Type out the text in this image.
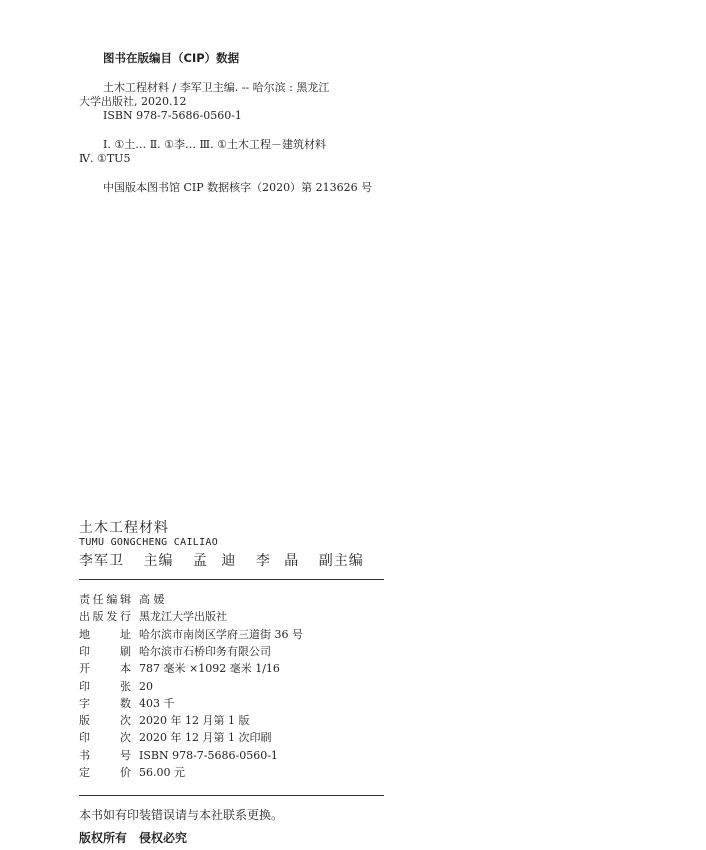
图书在版编目（CIP）数据
土木工程材料 / 李军卫主编. -- 哈尔滨 : 黑龙江
大学出版社, 2020.12
ISBN 978-7-5686-0560-1
Ⅰ. ①土… Ⅱ. ①李… Ⅲ. ①土木工程－建筑材料
Ⅳ. ①TU5
中国版本图书馆 CIP 数据核字（2020）第 213626 号
土木工程材料
TUMU GONGCHENG CAILIAO
李军卫 主编 孟 迪 李 晶 副主编
责任编辑 高 媛
出版发行 黑龙江大学出版社
地 址 哈尔滨市南岗区学府三道街 36 号
印 刷 哈尔滨市石桥印务有限公司
开 本 787 毫米 ×1092 毫米 1/16
印 张 20
字 数 403 千
版 次 2020 年 12 月第 1 版
印 次 2020 年 12 月第 1 次印刷
书 号 ISBN 978-7-5686-0560-1
定 价 56.00 元
本书如有印装错误请与本社联系更换。
版权所有 侵权必究
